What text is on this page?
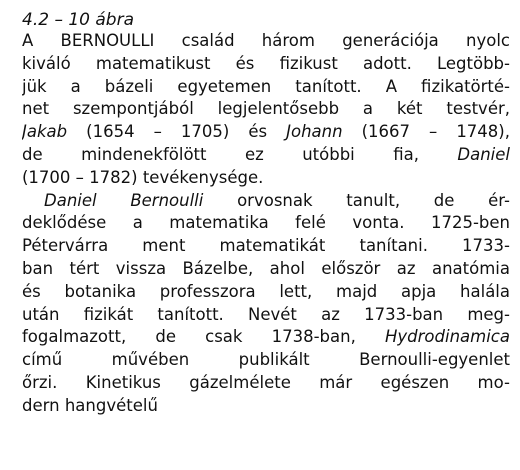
4.2 – 10 ábra
A BERNOULLI család három generációja nyolc
kiváló matematikust és fizikust adott. Legtöbb-
jük a bázeli egyetemen tanított. A fizikatörté-
net szempontjából legjelentősebb a két testvér,
Jakab (1654 – 1705) és Johann (1667 – 1748),
de mindenekfölött ez utóbbi fia, Daniel
(1700 – 1782) tevékenysége.
Daniel Bernoulli orvosnak tanult, de ér-
deklődése a matematika felé vonta. 1725-ben
Pétervárra ment matematikát tanítani. 1733-
ban tért vissza Bázelbe, ahol először az anatómia
és botanika professzora lett, majd apja halála
után fizikát tanított. Nevét az 1733-ban meg-
fogalmazott, de csak 1738-ban, Hydrodinamica
című művében publikált Bernoulli-egyenlet
őrzi. Kinetikus gázelmélete már egészen mo-
dern hangvételű
